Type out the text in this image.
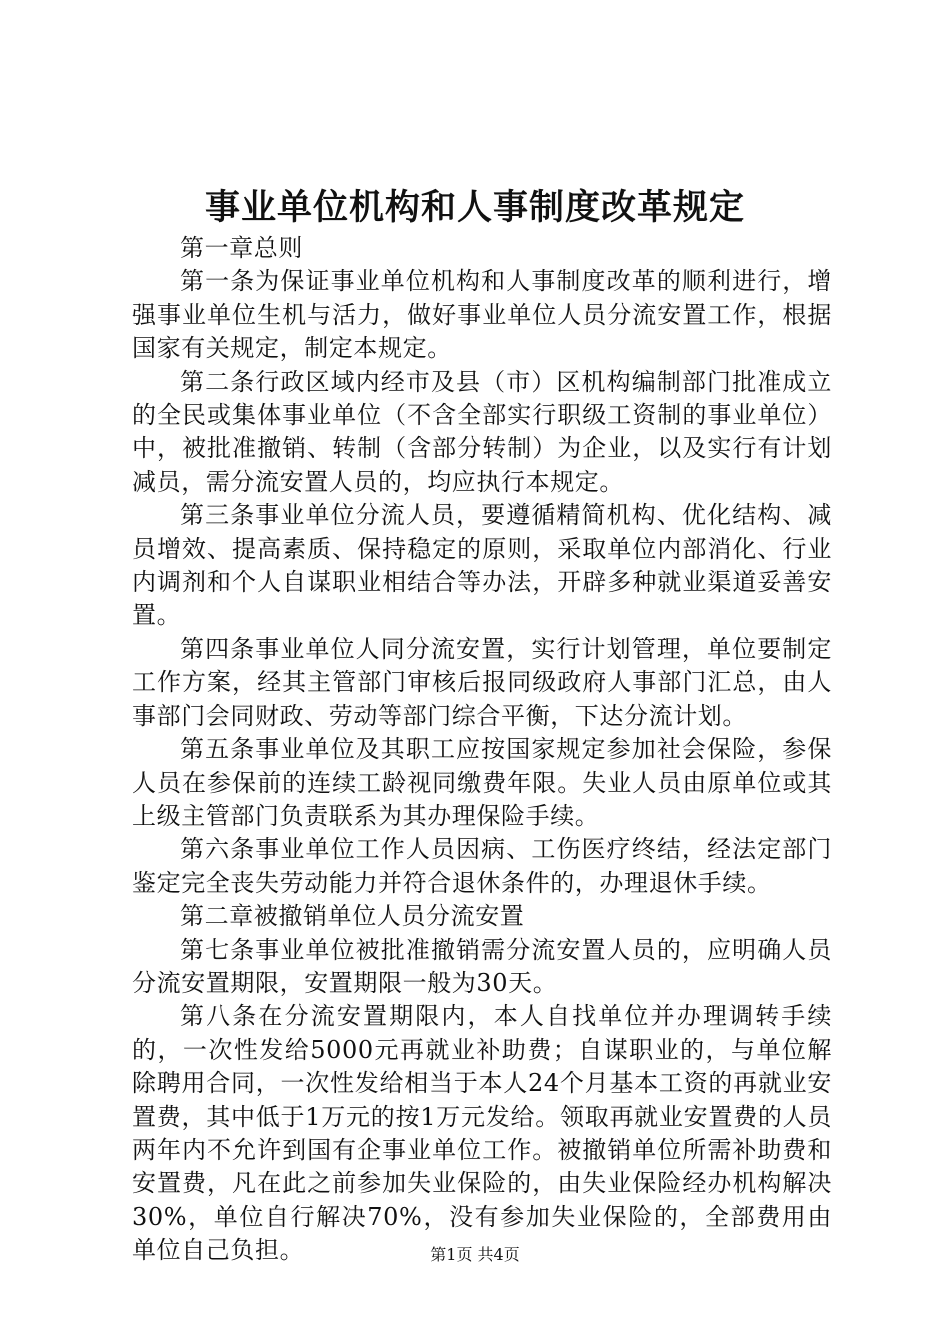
事业单位机构和人事制度改革规定

第一章总则

第一条为保证事业单位机构和人事制度改革的顺利进行，增强事业单位生机与活力，做好事业单位人员分流安置工作，根据国家有关规定，制定本规定。

第二条行政区域内经市及县（市）区机构编制部门批准成立的全民或集体事业单位（不含全部实行职级工资制的事业单位）中，被批准撤销、转制（含部分转制）为企业，以及实行有计划减员，需分流安置人员的，均应执行本规定。

第三条事业单位分流人员，要遵循精简机构、优化结构、减员增效、提高素质、保持稳定的原则，采取单位内部消化、行业内调剂和个人自谋职业相结合等办法，开辟多种就业渠道妥善安置。

第四条事业单位人同分流安置，实行计划管理，单位要制定工作方案，经其主管部门审核后报同级政府人事部门汇总，由人事部门会同财政、劳动等部门综合平衡，下达分流计划。

第五条事业单位及其职工应按国家规定参加社会保险，参保人员在参保前的连续工龄视同缴费年限。失业人员由原单位或其上级主管部门负责联系为其办理保险手续。

第六条事业单位工作人员因病、工伤医疗终结，经法定部门鉴定完全丧失劳动能力并符合退休条件的，办理退休手续。

第二章被撤销单位人员分流安置

第七条事业单位被批准撤销需分流安置人员的，应明确人员分流安置期限，安置期限一般为30天。

第八条在分流安置期限内，本人自找单位并办理调转手续的，一次性发给5000元再就业补助费；自谋职业的，与单位解除聘用合同，一次性发给相当于本人24个月基本工资的再就业安置费，其中低于1万元的按1万元发给。领取再就业安置费的人员两年内不允许到国有企事业单位工作。被撤销单位所需补助费和安置费，凡在此之前参加失业保险的，由失业保险经办机构解决30%，单位自行解决70%，没有参加失业保险的，全部费用由单位自己负担。	第1页 共4页
